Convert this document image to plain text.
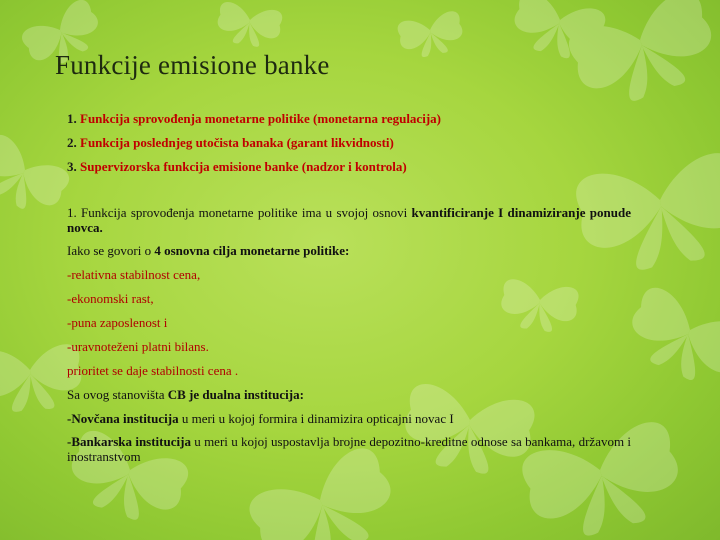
Funkcije emisione banke
1. Funkcija sprovođenja monetarne politike (monetarna regulacija)
2. Funkcija poslednjeg utočista banaka (garant likvidnosti)
3. Supervizorska funkcija emisione banke (nadzor i kontrola)

1. Funkcija sprovođenja monetarne politike ima u svojoj osnovi kvantificiranje I dinamiziranje ponude novca.

Iako se govori o 4 osnovna cilja monetarne politike:
-relativna stabilnost cena,
-ekonomski rast,
-puna zaposlenost i
-uravnoteženi platni bilans.
prioritet se daje stabilnosti cena .
Sa ovog stanovišta CB je dualna institucija:
-Novčana institucija u meri u kojoj formira i dinamizira opticajni novac I

-Bankarska institucija u meri u kojoj uspostavlja brojne depozitno-kreditne odnose sa bankama, državom i inostranstvom
